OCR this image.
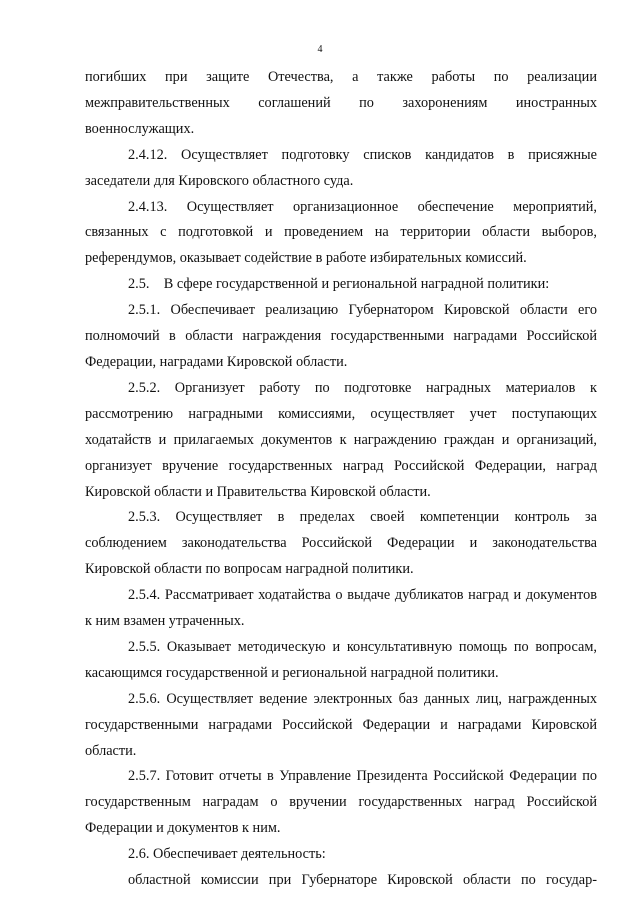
4

погибших при защите Отечества, а также работы по реализации межправительственных соглашений по захоронениям иностранных военнослужащих.

2.4.12. Осуществляет подготовку списков кандидатов в присяжные заседатели для Кировского областного суда.

2.4.13. Осуществляет организационное обеспечение мероприятий, связанных с подготовкой и проведением на территории области выборов, референдумов, оказывает содействие в работе избирательных комиссий.

2.5.    В сфере государственной и региональной наградной политики:

2.5.1. Обеспечивает реализацию Губернатором Кировской области его полномочий в области награждения государственными наградами Российской Федерации, наградами Кировской области.

2.5.2. Организует работу по подготовке наградных материалов к рассмотрению наградными комиссиями, осуществляет учет поступающих ходатайств и прилагаемых документов к награждению граждан и организаций, организует вручение государственных наград Российской Федерации, наград Кировской области и Правительства Кировской области.

2.5.3. Осуществляет в пределах своей компетенции контроль за соблюдением законодательства Российской Федерации и законодательства Кировской области по вопросам наградной политики.

2.5.4. Рассматривает ходатайства о выдаче дубликатов наград и документов к ним взамен утраченных.

2.5.5. Оказывает методическую и консультативную помощь по вопросам, касающимся государственной и региональной наградной политики.

2.5.6. Осуществляет ведение электронных баз данных лиц, награжденных государственными наградами Российской Федерации и наградами Кировской области.

2.5.7. Готовит отчеты в Управление Президента Российской Федерации по государственным наградам о вручении государственных наград Российской Федерации и документов к ним.

2.6. Обеспечивает деятельность:

областной комиссии при Губернаторе Кировской области по государ-
